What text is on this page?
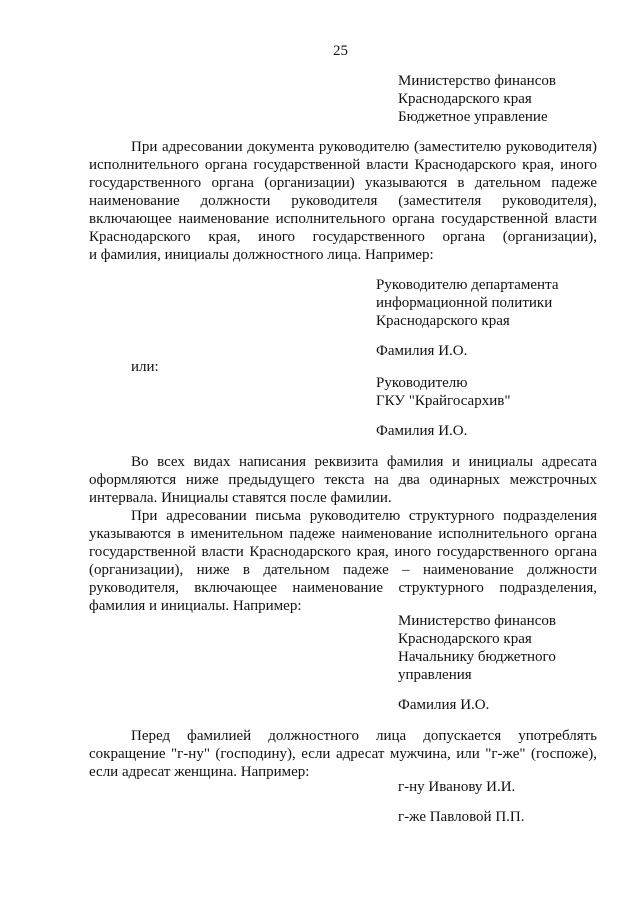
25
Министерство финансов
Краснодарского края
Бюджетное управление
При адресовании документа руководителю (заместителю руководителя)
исполнительного органа государственной власти Краснодарского края, иного
государственного органа (организации) указываются в дательном падеже
наименование должности руководителя (заместителя руководителя),
включающее наименование исполнительного органа государственной власти
Краснодарского края, иного государственного органа (организации),
и фамилия, инициалы должностного лица. Например:
Руководителю департамента
информационной политики
Краснодарского края
Фамилия И.О.
или:
Руководителю
ГКУ "Крайгосархив"
Фамилия И.О.
Во всех видах написания реквизита фамилия и инициалы адресата
оформляются ниже предыдущего текста на два одинарных межстрочных
интервала. Инициалы ставятся после фамилии.
При адресовании письма руководителю структурного подразделения
указываются в именительном падеже наименование исполнительного органа
государственной власти Краснодарского края, иного государственного органа
(организации), ниже в дательном падеже – наименование должности
руководителя, включающее наименование структурного подразделения,
фамилия и инициалы. Например:
Министерство финансов
Краснодарского края
Начальнику бюджетного
управления
Фамилия И.О.
Перед фамилией должностного лица допускается употреблять
сокращение "г-ну" (господину), если адресат мужчина, или "г-же" (госпоже),
если адресат женщина. Например:
г-ну Иванову И.И.
г-же Павловой П.П.
